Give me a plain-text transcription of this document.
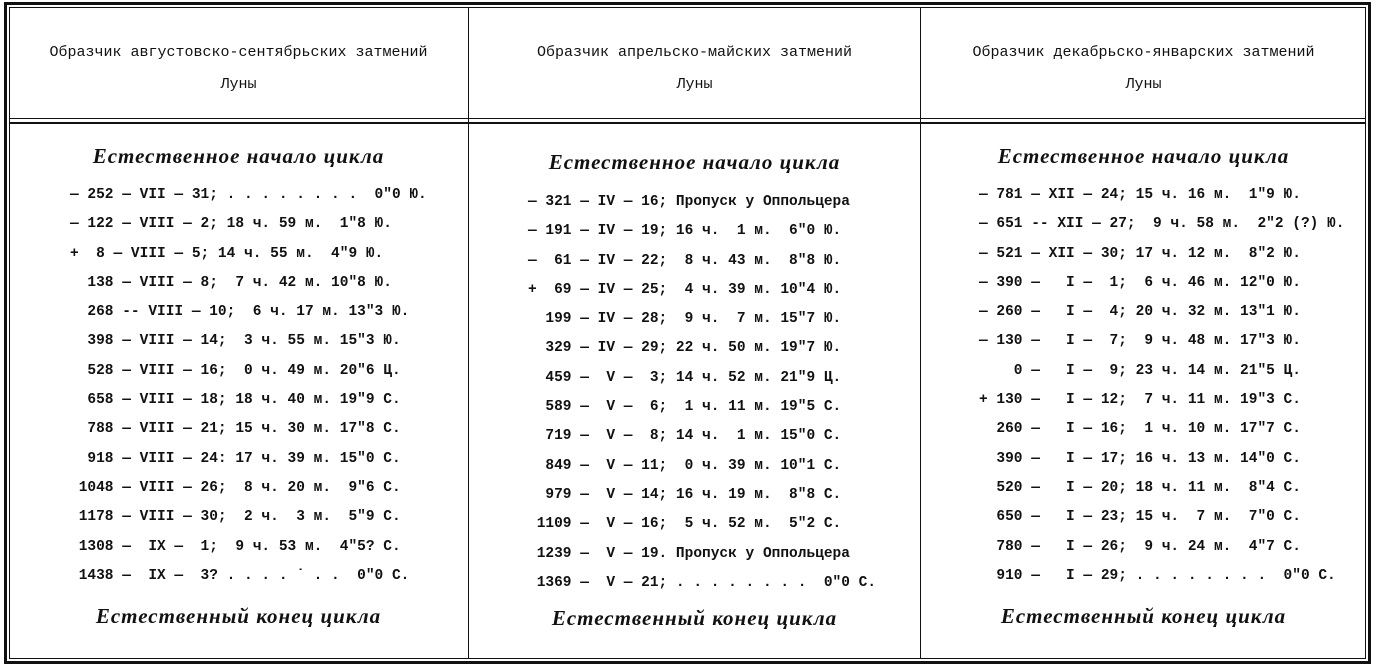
Образчик августовско-сентябрьских затмений
Луны
Естественное начало цикла
— 252 — VII — 31; . . . . . . . .  0″0 Ю.
— 122 — VIII — 2; 18 ч. 59 м.  1″8 Ю.
+  8 — VIII — 5; 14 ч. 55 м.  4″9 Ю.
138 — VIII — 8;  7 ч. 42 м. 10″8 Ю.
268 -- VIII — 10;  6 ч. 17 м. 13″3 Ю.
398 — VIII — 14;  3 ч. 55 м. 15″3 Ю.
528 — VIII — 16;  0 ч. 49 м. 20″6 Ц.
658 — VIII — 18; 18 ч. 40 м. 19″9 С.
788 — VIII — 21; 15 ч. 30 м. 17″8 С.
918 — VIII — 24: 17 ч. 39 м. 15″0 С.
1048 — VIII — 26;  8 ч. 20 м.  9″6 С.
1178 — VIII — 30;  2 ч.  3 м.  5″9 С.
1308 —  IX —  1;  9 ч. 53 м.  4″5? С.
1438 —  IX —  3? . . . . ˙ . .  0″0 С.
Естественный конец цикла
Образчик апрельско-майских затмений
Луны
Естественное начало цикла
— 321 — IV — 16; Пропуск у Оппольцера
— 191 — IV — 19; 16 ч.  1 м.  6″0 Ю.
—  61 — IV — 22;  8 ч. 43 м.  8″8 Ю.
+  69 — IV — 25;  4 ч. 39 м. 10″4 Ю.
199 — IV — 28;  9 ч.  7 м. 15″7 Ю.
329 — IV — 29; 22 ч. 50 м. 19″7 Ю.
459 —  V —  3; 14 ч. 52 м. 21″9 Ц.
589 —  V —  6;  1 ч. 11 м. 19″5 С.
719 —  V —  8; 14 ч.  1 м. 15″0 С.
849 —  V — 11;  0 ч. 39 м. 10″1 С.
979 —  V — 14; 16 ч. 19 м.  8″8 С.
1109 —  V — 16;  5 ч. 52 м.  5″2 С.
1239 —  V — 19. Пропуск у Оппольцера
1369 —  V — 21; . . . . . . . .  0″0 С.
Естественный конец цикла
Образчик декабрьско-январских затмений
Луны
Естественное начало цикла
— 781 — XII — 24; 15 ч. 16 м.  1″9 Ю.
— 651 -- XII — 27;  9 ч. 58 м.  2″2 (?) Ю.
— 521 — XII — 30; 17 ч. 12 м.  8″2 Ю.
— 390 —   I —  1;  6 ч. 46 м. 12″0 Ю.
— 260 —   I —  4; 20 ч. 32 м. 13″1 Ю.
— 130 —   I —  7;  9 ч. 48 м. 17″3 Ю.
0 —   I —  9; 23 ч. 14 м. 21″5 Ц.
+ 130 —   I — 12;  7 ч. 11 м. 19″3 С.
260 —   I — 16;  1 ч. 10 м. 17″7 С.
390 —   I — 17; 16 ч. 13 м. 14″0 С.
520 —   I — 20; 18 ч. 11 м.  8″4 С.
650 —   I — 23; 15 ч.  7 м.  7″0 С.
780 —   I — 26;  9 ч. 24 м.  4″7 С.
910 —   I — 29; . . . . . . . .  0″0 С.
Естественный конец цикла
